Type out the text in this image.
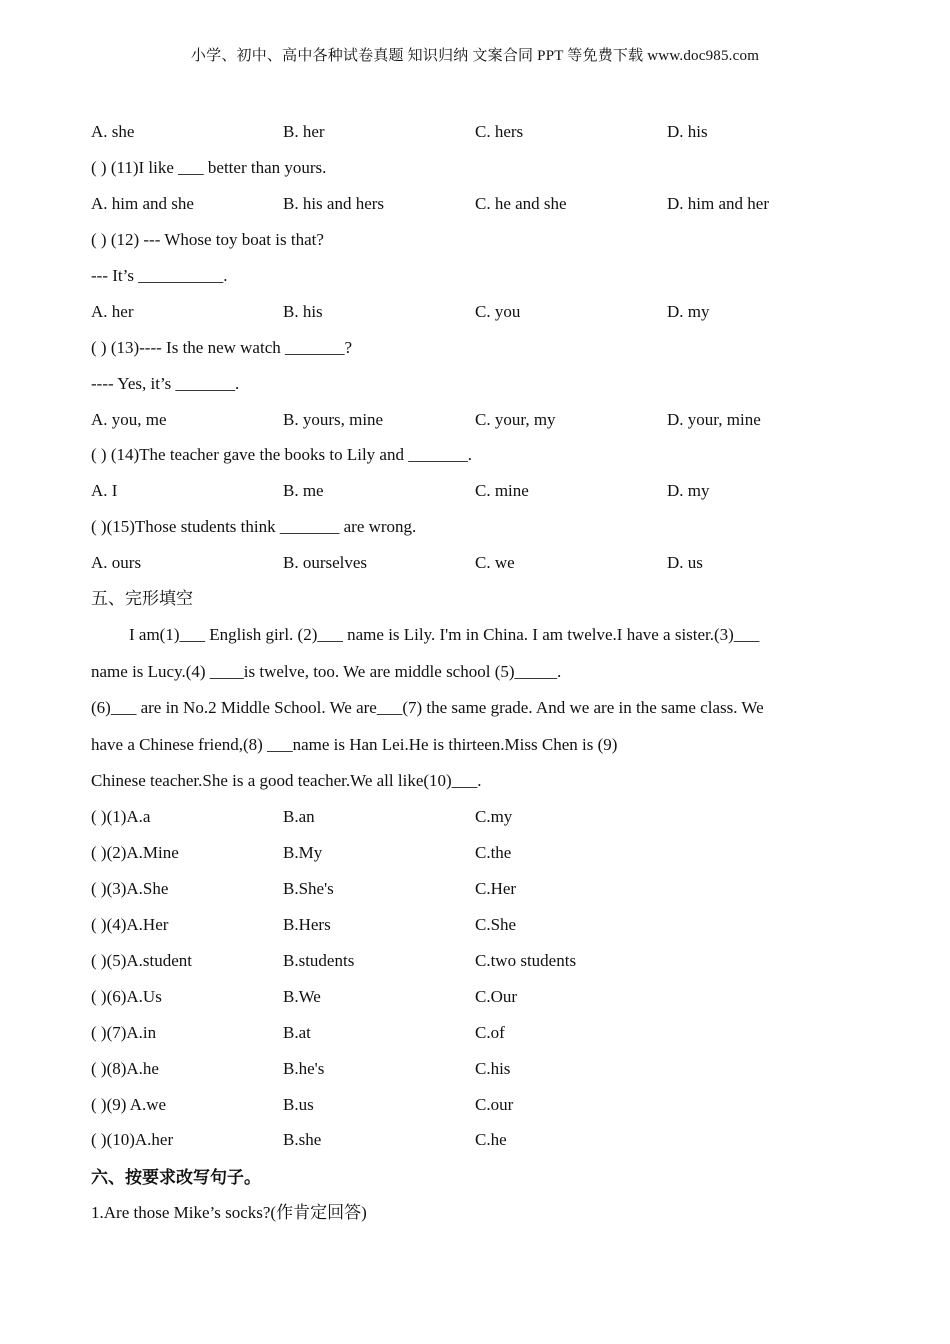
小学、初中、高中各种试卷真题 知识归纳 文案合同 PPT 等免费下载 www.doc985.com
A. she	B. her	C. hers	D. his
( ) (11)I like ___ better than yours.
A. him and she	B. his and hers	C. he and she	D. him and her
( ) (12) --- Whose toy boat is that?
--- It’s __________.
A. her	B. his	C. you	D. my
( ) (13)---- Is the new watch _______?
---- Yes, it’s _______.
A. you, me	B. yours, mine	C. your, my	D. your, mine
( ) (14)The teacher gave the books to Lily and _______.
A. I	B. me	C. mine	D. my
( )(15)Those students think _______ are wrong.
A. ours	B. ourselves	C. we	D. us
五、完形填空
I am(1)___ English girl. (2)___ name is Lily. I'm in China. I am twelve.I have a sister.(3)___
name is Lucy.(4) ____is twelve, too. We are middle school (5)_____.
(6)___ are in No.2 Middle School. We are___(7) the same grade. And we are in the same class. We
have a Chinese friend,(8) ___name is Han Lei.He is thirteen.Miss Chen is (9)
Chinese teacher.She is a good teacher.We all like(10)___.
( )(1)A.a	B.an	C.my
( )(2)A.Mine	B.My	C.the
( )(3)A.She	B.She's	C.Her
( )(4)A.Her	B.Hers	C.She
( )(5)A.student	B.students	C.two students
( )(6)A.Us	B.We	C.Our
( )(7)A.in	B.at	C.of
( )(8)A.he	B.he's	C.his
( )(9) A.we	B.us	C.our
( )(10)A.her	B.she	C.he
六、按要求改写句子。
1.Are those Mike’s socks?(作肯定回答)
